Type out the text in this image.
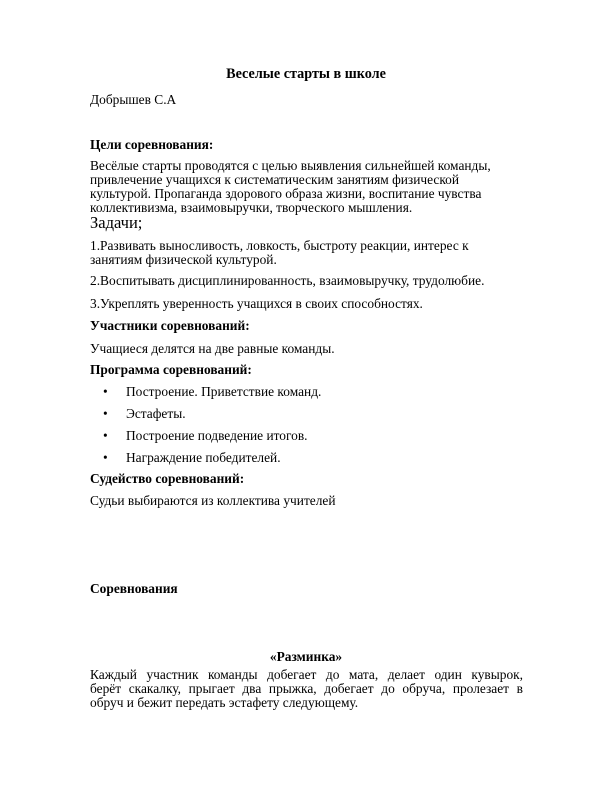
Веселые старты в школе
Добрышев С.А
Цели соревнования:
Весёлые старты проводятся с целью выявления сильнейшей команды,
привлечение учащихся к систематическим занятиям физической
культурой. Пропаганда здорового образа жизни, воспитание чувства
коллективизма, взаимовыручки, творческого мышления.
Задачи;
1.Развивать выносливость, ловкость, быстроту реакции, интерес к
занятиям физической культурой.
2.Воспитывать дисциплинированность, взаимовыручку, трудолюбие.
3.Укреплять уверенность учащихся в своих способностях.
Участники соревнований:
Учащиеся делятся на две равные команды.
Программа соревнований:
• Построение. Приветствие команд.
• Эстафеты.
• Построение подведение итогов.
• Награждение победителей.
Судейство соревнований:
Судьи выбираются из коллектива учителей
Соревнования
«Разминка»
Каждый участник команды добегает до мата, делает один кувырок,
берёт скакалку, прыгает два прыжка, добегает до обруча, пролезает в
обруч и бежит передать эстафету следующему.
